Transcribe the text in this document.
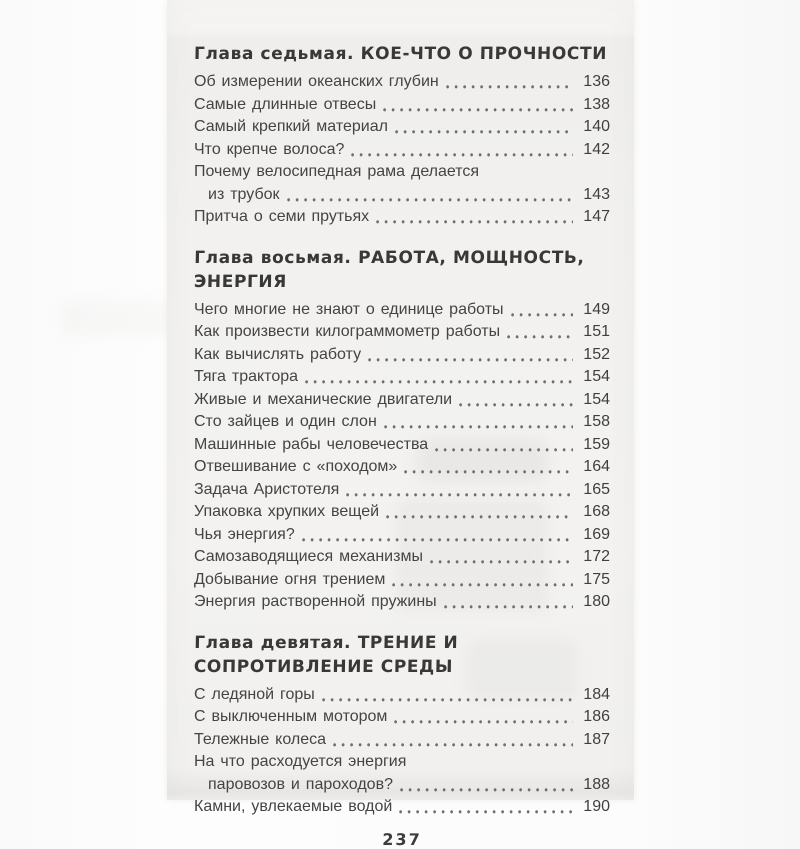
Глава седьмая. КОЕ-ЧТО О ПРОЧНОСТИ
Об измерении океанских глубин	136
Самые длинные отвесы	138
Самый крепкий материал	140
Что крепче волоса?	142
Почему велосипедная рама делается
из трубок	143
Притча о семи прутьях	147
Глава восьмая. РАБОТА, МОЩНОСТЬ, ЭНЕРГИЯ
Чего многие не знают о единице работы	149
Как произвести килограммометр работы	151
Как вычислять работу	152
Тяга трактора	154
Живые и механические двигатели	154
Сто зайцев и один слон	158
Машинные рабы человечества	159
Отвешивание с «походом»	164
Задача Аристотеля	165
Упаковка хрупких вещей	168
Чья энергия?	169
Самозаводящиеся механизмы	172
Добывание огня трением	175
Энергия растворенной пружины	180
Глава девятая. ТРЕНИЕ И СОПРОТИВЛЕНИЕ СРЕДЫ
С ледяной горы	184
С выключенным мотором	186
Тележные колеса	187
На что расходуется энергия
паровозов и пароходов?	188
Камни, увлекаемые водой	190
237
